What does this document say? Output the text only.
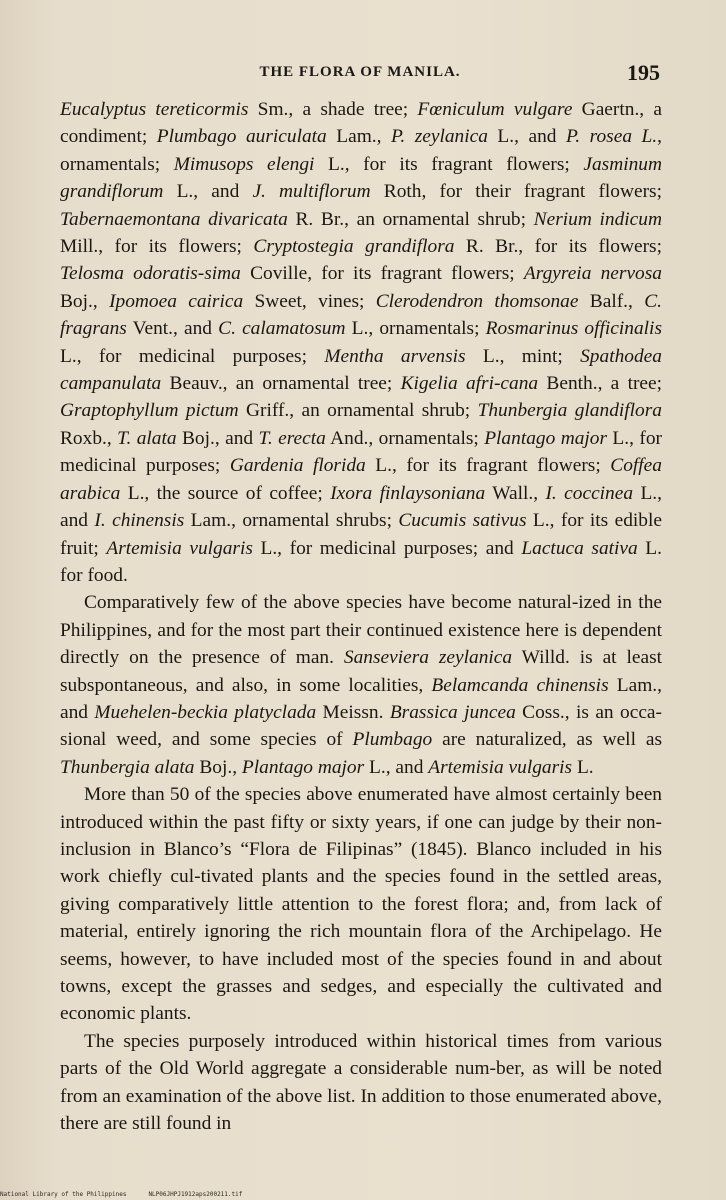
THE FLORA OF MANILA.	195

Eucalyptus tereticormis Sm., a shade tree; Fœniculum vulgare Gaertn., a condiment; Plumbago auriculata Lam., P. zeylanica L., and P. rosea L., ornamentals; Mimusops elengi L., for its fragrant flowers; Jasminum grandiflorum L., and J. multiflorum Roth, for their fragrant flowers; Tabernaemontana divaricata R. Br., an ornamental shrub; Nerium indicum Mill., for its flowers; Cryptostegia grandiflora R. Br., for its flowers; Telosma odoratis-sima Coville, for its fragrant flowers; Argyreia nervosa Boj., Ipomoea cairica Sweet, vines; Clerodendron thomsonae Balf., C. fragrans Vent., and C. calamatosum L., ornamentals; Rosmarinus officinalis L., for medicinal purposes; Mentha arvensis L., mint; Spathodea campanulata Beauv., an ornamental tree; Kigelia afri-cana Benth., a tree; Graptophyllum pictum Griff., an ornamental shrub; Thunbergia glandiflora Roxb., T. alata Boj., and T. erecta And., ornamentals; Plantago major L., for medicinal purposes; Gardenia florida L., for its fragrant flowers; Coffea arabica L., the source of coffee; Ixora finlaysoniana Wall., I. coccinea L., and I. chinensis Lam., ornamental shrubs; Cucumis sativus L., for its edible fruit; Artemisia vulgaris L., for medicinal purposes; and Lactuca sativa L. for food.

Comparatively few of the above species have become natural-ized in the Philippines, and for the most part their continued existence here is dependent directly on the presence of man. Sanseviera zeylanica Willd. is at least subspontaneous, and also, in some localities, Belamcanda chinensis Lam., and Muehelen-beckia platyclada Meissn. Brassica juncea Coss., is an occa-sional weed, and some species of Plumbago are naturalized, as well as Thunbergia alata Boj., Plantago major L., and Artemisia vulgaris L.

More than 50 of the species above enumerated have almost certainly been introduced within the past fifty or sixty years, if one can judge by their non-inclusion in Blanco’s “Flora de Filipinas” (1845). Blanco included in his work chiefly cul-tivated plants and the species found in the settled areas, giving comparatively little attention to the forest flora; and, from lack of material, entirely ignoring the rich mountain flora of the Archipelago. He seems, however, to have included most of the species found in and about towns, except the grasses and sedges, and especially the cultivated and economic plants.

The species purposely introduced within historical times from various parts of the Old World aggregate a considerable num-ber, as will be noted from an examination of the above list. In addition to those enumerated above, there are still found in

National Library of the Philippines	NLP06JHPJ1912aps200211.tif
